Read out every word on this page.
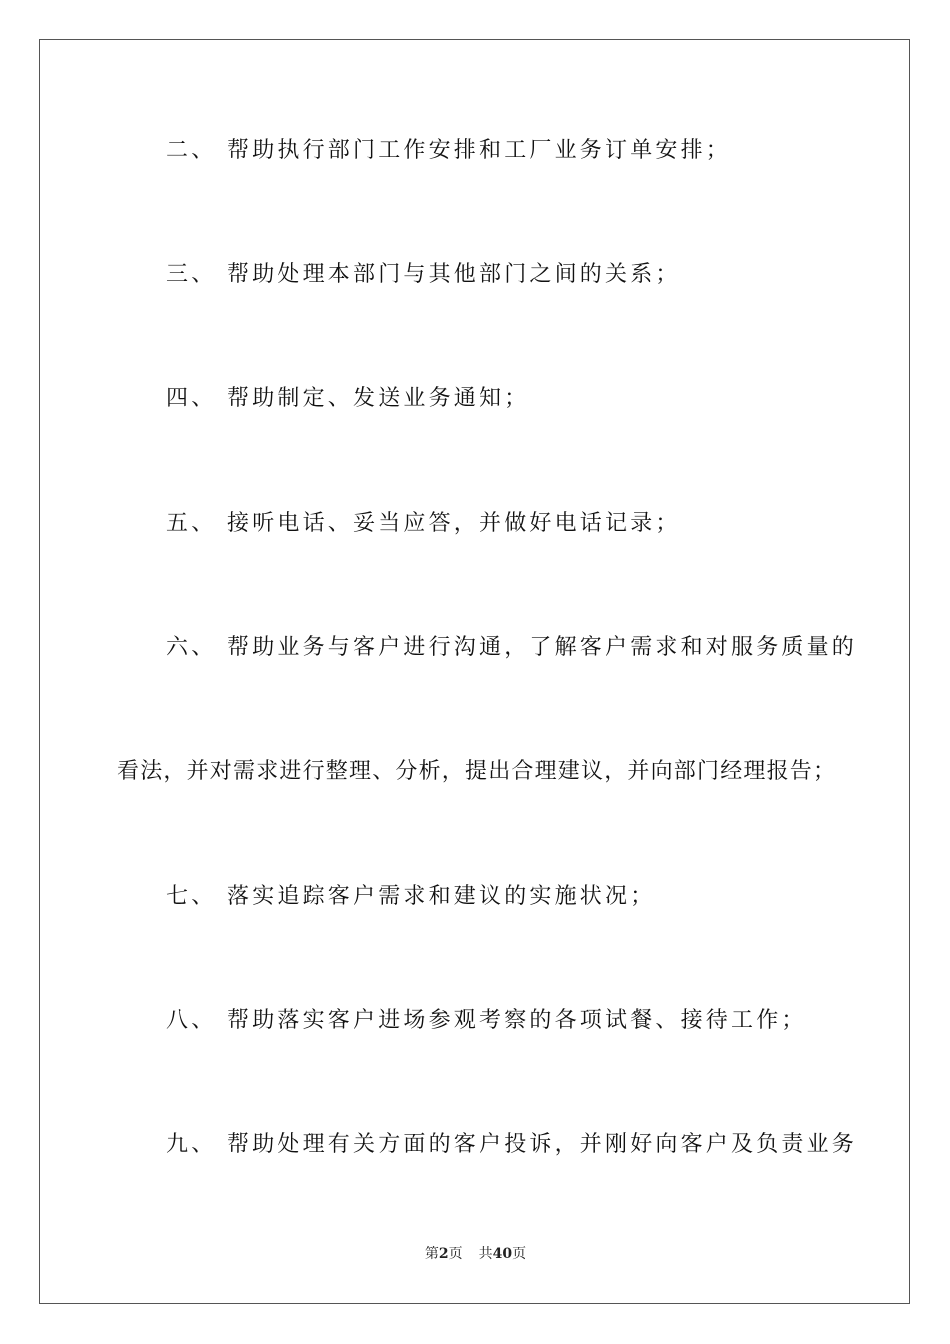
二、 帮助执行部门工作安排和工厂业务订单安排；
三、 帮助处理本部门与其他部门之间的关系；
四、 帮助制定、发送业务通知；
五、 接听电话、妥当应答，并做好电话记录；
六、 帮助业务与客户进行沟通，了解客户需求和对服务质量的
看法，并对需求进行整理、分析，提出合理建议，并向部门经理报告；
七、 落实追踪客户需求和建议的实施状况；
八、 帮助落实客户进场参观考察的各项试餐、接待工作；
九、 帮助处理有关方面的客户投诉，并刚好向客户及负责业务
第2页 共40页
